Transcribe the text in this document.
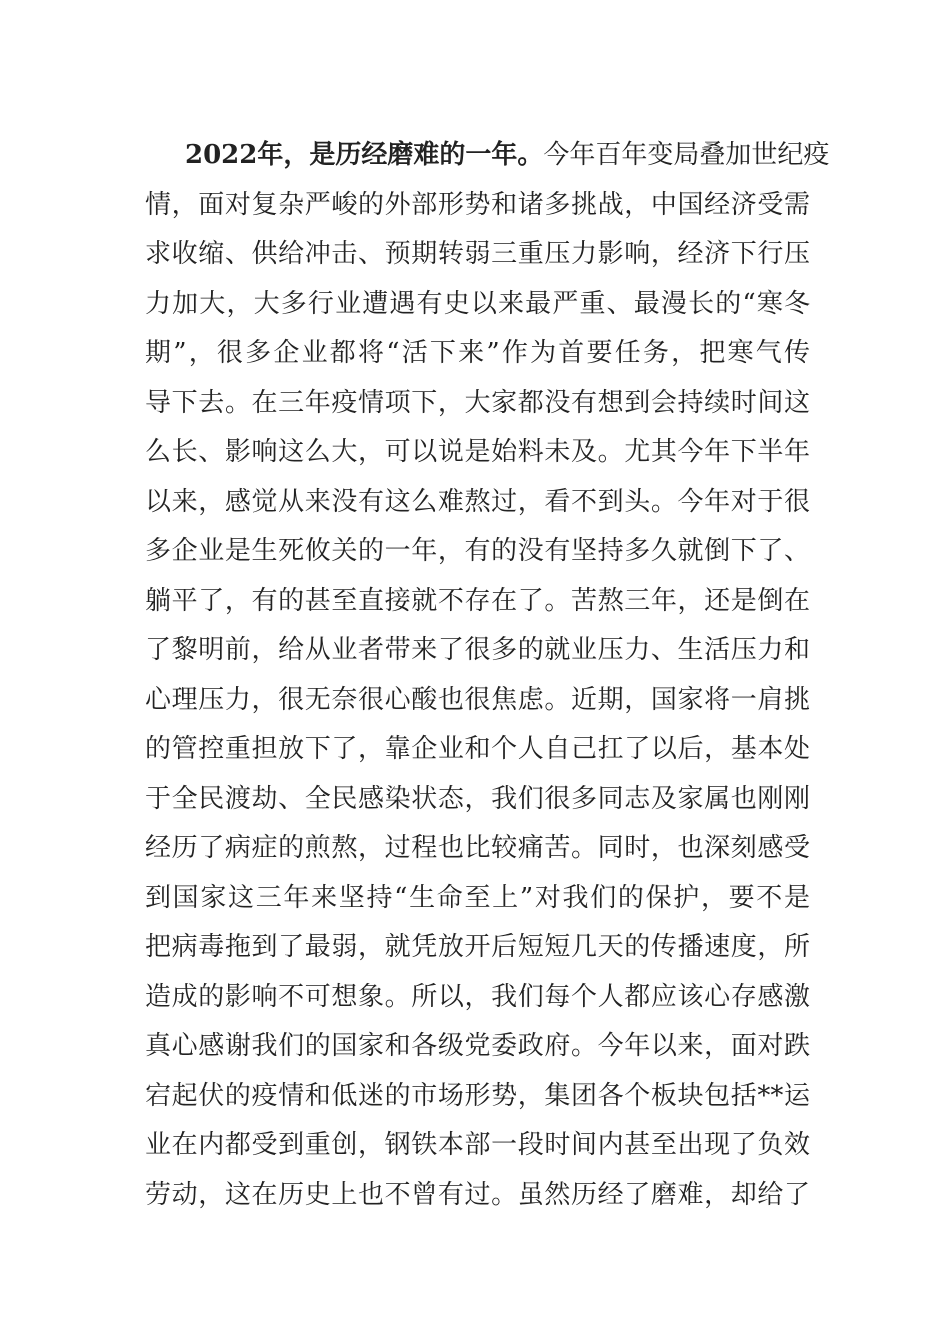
2022年，是历经磨难的一年。今年百年变局叠加世纪疫
情，面对复杂严峻的外部形势和诸多挑战，中国经济受需
求收缩、供给冲击、预期转弱三重压力影响，经济下行压
力加大，大多行业遭遇有史以来最严重、最漫长的“寒冬
期”，很多企业都将“活下来”作为首要任务，把寒气传
导下去。在三年疫情项下，大家都没有想到会持续时间这
么长、影响这么大，可以说是始料未及。尤其今年下半年
以来，感觉从来没有这么难熬过，看不到头。今年对于很
多企业是生死攸关的一年，有的没有坚持多久就倒下了、
躺平了，有的甚至直接就不存在了。苦熬三年，还是倒在
了黎明前，给从业者带来了很多的就业压力、生活压力和
心理压力，很无奈很心酸也很焦虑。近期，国家将一肩挑
的管控重担放下了，靠企业和个人自己扛了以后，基本处
于全民渡劫、全民感染状态，我们很多同志及家属也刚刚
经历了病症的煎熬，过程也比较痛苦。同时，也深刻感受
到国家这三年来坚持“生命至上”对我们的保护，要不是
把病毒拖到了最弱，就凭放开后短短几天的传播速度，所
造成的影响不可想象。所以，我们每个人都应该心存感激
真心感谢我们的国家和各级党委政府。今年以来，面对跌
宕起伏的疫情和低迷的市场形势，集团各个板块包括**运
业在内都受到重创，钢铁本部一段时间内甚至出现了负效
劳动，这在历史上也不曾有过。虽然历经了磨难，却给了
